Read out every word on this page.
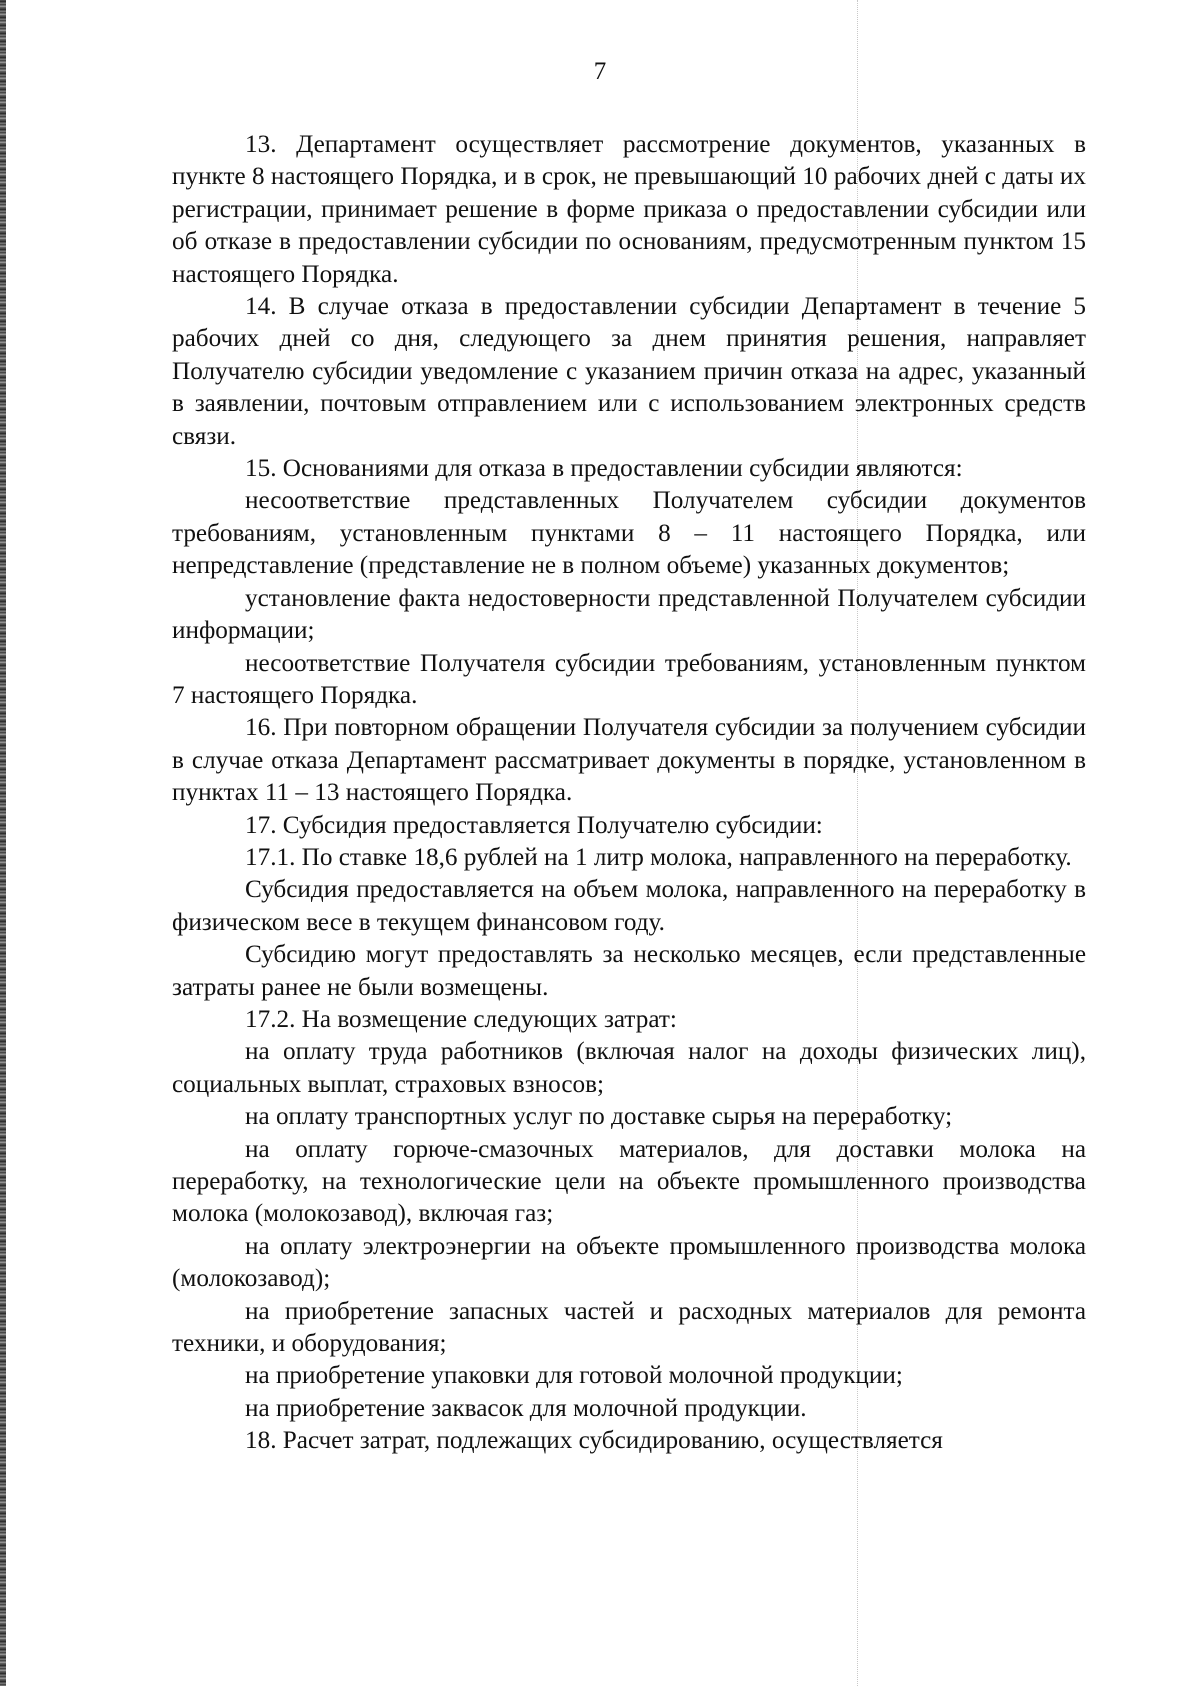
7

13. Департамент осуществляет рассмотрение документов, указанных в пункте 8 настоящего Порядка, и в срок, не превышающий 10 рабочих дней с даты их регистрации, принимает решение в форме приказа о предоставлении субсидии или об отказе в предоставлении субсидии по основаниям, предусмотренным пунктом 15 настоящего Порядка.

14. В случае отказа в предоставлении субсидии Департамент в течение 5 рабочих дней со дня, следующего за днем принятия решения, направляет Получателю субсидии уведомление с указанием причин отказа на адрес, указанный в заявлении, почтовым отправлением или с использованием электронных средств связи.

15. Основаниями для отказа в предоставлении субсидии являются:

несоответствие представленных Получателем субсидии документов требованиям, установленным пунктами 8 – 11 настоящего Порядка, или непредставление (представление не в полном объеме) указанных документов;

установление факта недостоверности представленной Получателем субсидии информации;

несоответствие Получателя субсидии требованиям, установленным пунктом 7 настоящего Порядка.

16. При повторном обращении Получателя субсидии за получением субсидии в случае отказа Департамент рассматривает документы в порядке, установленном в пунктах 11 – 13 настоящего Порядка.

17. Субсидия предоставляется Получателю субсидии:

17.1. По ставке 18,6 рублей на 1 литр молока, направленного на переработку.

Субсидия предоставляется на объем молока, направленного на переработку в физическом весе в текущем финансовом году.

Субсидию могут предоставлять за несколько месяцев, если представленные затраты ранее не были возмещены.

17.2. На возмещение следующих затрат:

на оплату труда работников (включая налог на доходы физических лиц), социальных выплат, страховых взносов;

на оплату транспортных услуг по доставке сырья на переработку;

на оплату горюче-смазочных материалов, для доставки молока на переработку, на технологические цели на объекте промышленного производства молока (молокозавод), включая газ;

на оплату электроэнергии на объекте промышленного производства молока (молокозавод);

на приобретение запасных частей и расходных материалов для ремонта техники, и оборудования;

на приобретение упаковки для готовой молочной продукции;

на приобретение заквасок для молочной продукции.

18. Расчет затрат, подлежащих субсидированию, осуществляется
